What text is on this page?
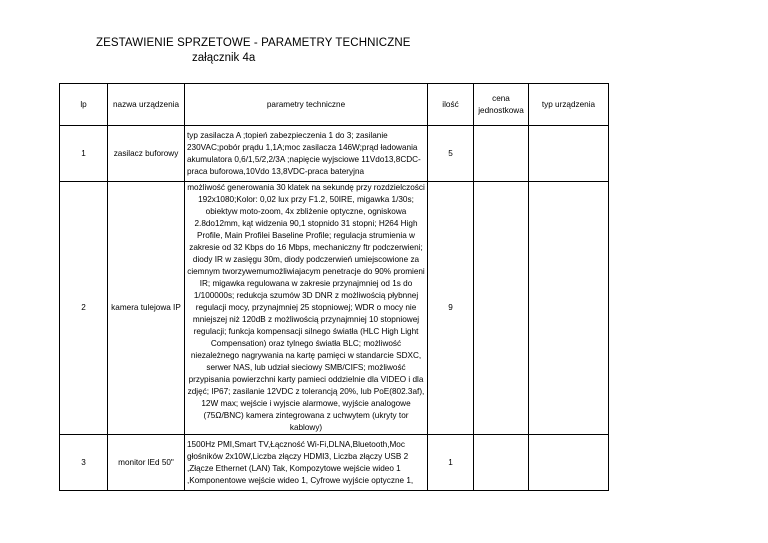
ZESTAWIENIE SPRZETOWE - PARAMETRY TECHNICZNE
załącznik 4a
lp	nazwa urządzenia	parametry techniczne	ilość	cena jednostkowa	typ urządzenia
1	zasilacz buforowy	typ zasilacza A ;topień zabezpieczenia 1 do 3; zasilanie 230VAC;pobór prądu 1,1A;moc zasilacza 146W;prąd ładowania akumulatora 0,6/1,5/2,2/3A ;napięcie wyjsciowe 11Vdo13,8CDC-praca buforowa,10Vdo 13,8VDC-praca bateryjna	5		
2	kamera tulejowa IP	możliwość generowania 30 klatek na sekundę przy rozdzielczości 192x1080;Kolor: 0,02 lux przy F1.2, 50IRE, migawka 1/30s; obiektyw moto-zoom, 4x zbliżenie optyczne, ogniskowa 2.8do12mm, kąt widzenia 90,1 stopnido 31 stopni; H264 High Profile, Main Profilei Baseline Profile; regulacja strumienia w zakresie od 32 Kbps do 16 Mbps, mechaniczny ftr podczerwieni; diody IR w zasięgu 30m, diody podczerwień umiejscowione za ciemnym tworzywemumożliwiajacym penetracje do 90% promieni IR; migawka regulowana w zakresie przynajmniej od 1s do 1/100000s; redukcja szumów 3D DNR z możliwością płybnnej regulacji mocy, przynajmniej 25 stopniowej; WDR o mocy nie mniejszej niż 120dB z możliwością przynajmniej 10 stopniowej regulacji; funkcja kompensacji silnego światła (HLC High Light Compensation) oraz tylnego światła BLC; możliwość niezależnego nagrywania na kartę pamięci w standarcie SDXC, serwer NAS, lub udział sieciowy SMB/CIFS; możliwość przypisania powierzchni karty pamieci oddzielnie dla VIDEO i dla zdjęć; IP67; zasilanie 12VDC z tolerancją 20%, lub PoE(802.3af), 12W max; wejście i wyjscie alarmowe, wyjście analogowe (75Ω/BNC) kamera zintegrowana z uchwytem (ukryty tor kablowy)	9		
3	monitor lEd 50"	1500Hz PMI,Smart TV,Łączność Wi-Fi,DLNA,Bluetooth,Moc głośników 2x10W,Liczba złączy HDMI3, Liczba złączy USB 2 ,Złącze Ethernet (LAN) Tak, Kompozytowe wejście wideo 1 ,Komponentowe wejście wideo 1, Cyfrowe wyjście optyczne 1,	1		
